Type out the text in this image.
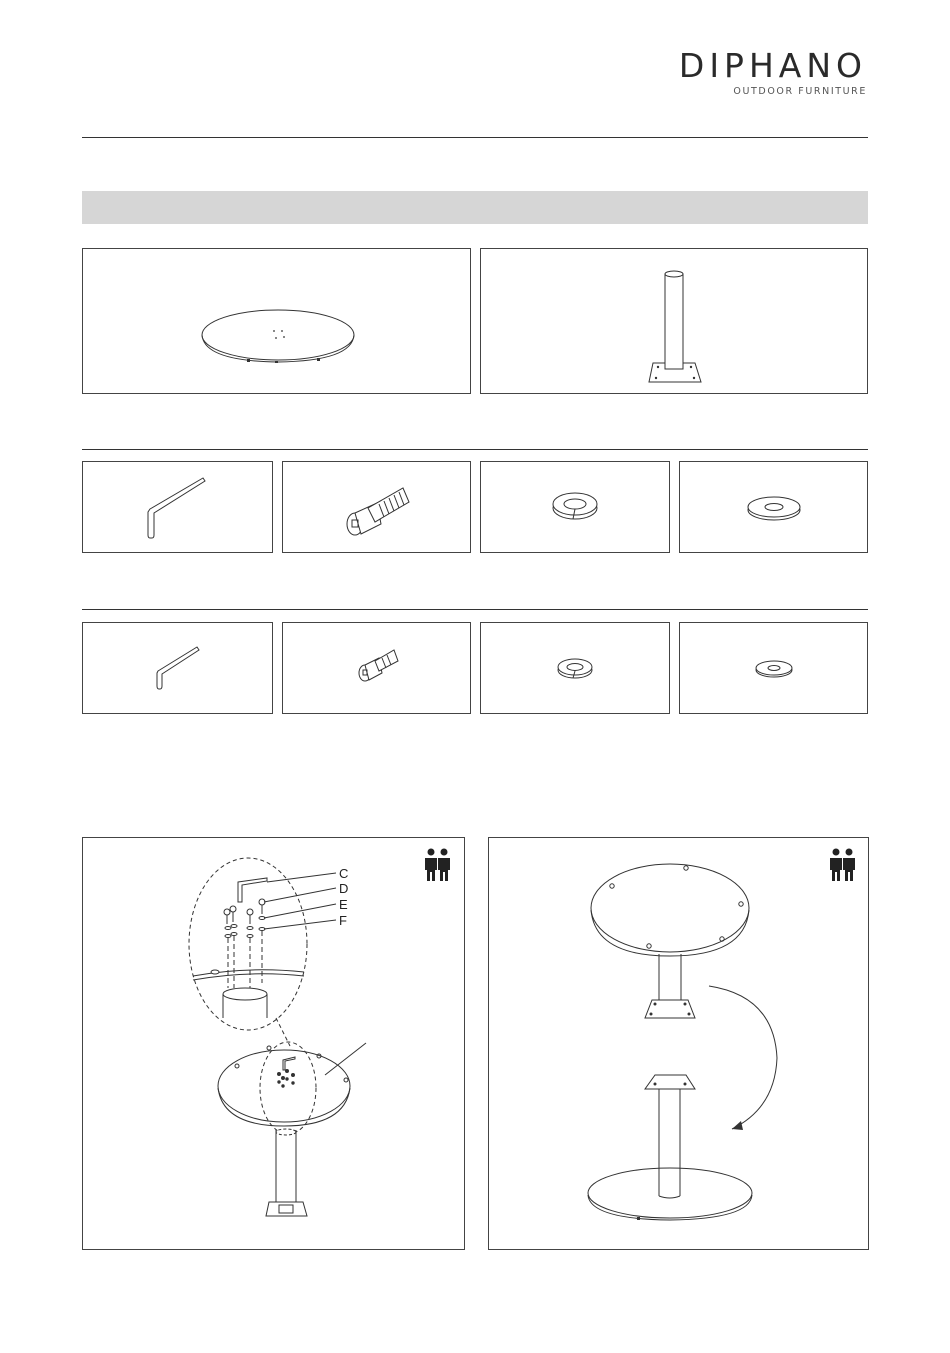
DIPHANO
OUTDOOR FURNITURE
C
D
E
F
